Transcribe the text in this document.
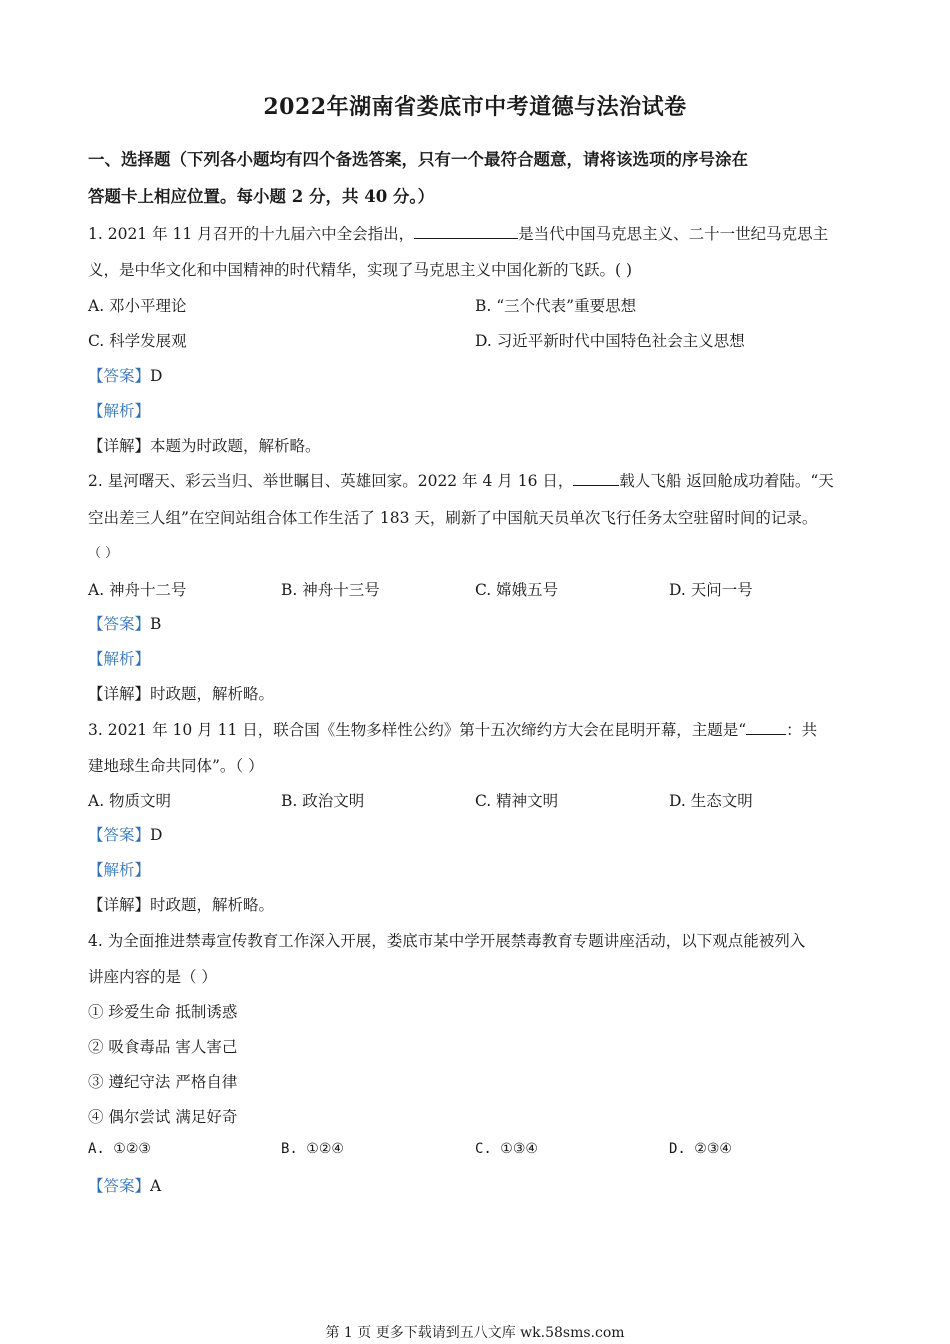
2022年湖南省娄底市中考道德与法治试卷
一、选择题（下列各小题均有四个备选答案，只有一个最符合题意，请将该选项的序号涂在
答题卡上相应位置。每小题 2 分，共 40 分。）
1. 2021 年 11 月召开的十九届六中全会指出，	是当代中国马克思主义、二十一世纪马克思主
义，是中华文化和中国精神的时代精华，实现了马克思主义中国化新的飞跃。( )
A. 邓小平理论	B. “三个代表”重要思想
C. 科学发展观	D. 习近平新时代中国特色社会主义思想
【答案】D
【解析】
【详解】本题为时政题，解析略。
2. 星河曙天、彩云当归、举世瞩目、英雄回家。2022 年 4 月 16 日，	载人飞船 返回舱成功着陆。“天
空出差三人组”在空间站组合体工作生活了 183 天，刷新了中国航天员单次飞行任务太空驻留时间的记录。
（ ）
A. 神舟十二号	B. 神舟十三号	C. 嫦娥五号	D. 天问一号
【答案】B
【解析】
【详解】时政题，解析略。
3. 2021 年 10 月 11 日，联合国《生物多样性公约》第十五次缔约方大会在昆明开幕，主题是“	：共
建地球生命共同体”。（ ）
A. 物质文明	B. 政治文明	C. 精神文明	D. 生态文明
【答案】D
【解析】
【详解】时政题，解析略。
4. 为全面推进禁毒宣传教育工作深入开展，娄底市某中学开展禁毒教育专题讲座活动，以下观点能被列入
讲座内容的是（ ）
① 珍爱生命 抵制诱惑
② 吸食毒品 害人害己
③ 遵纪守法 严格自律
④ 偶尔尝试 满足好奇
A. ①②③	B. ①②④	C. ①③④	D. ②③④
【答案】A
第 1 页 更多下载请到五八文库 wk.58sms.com
